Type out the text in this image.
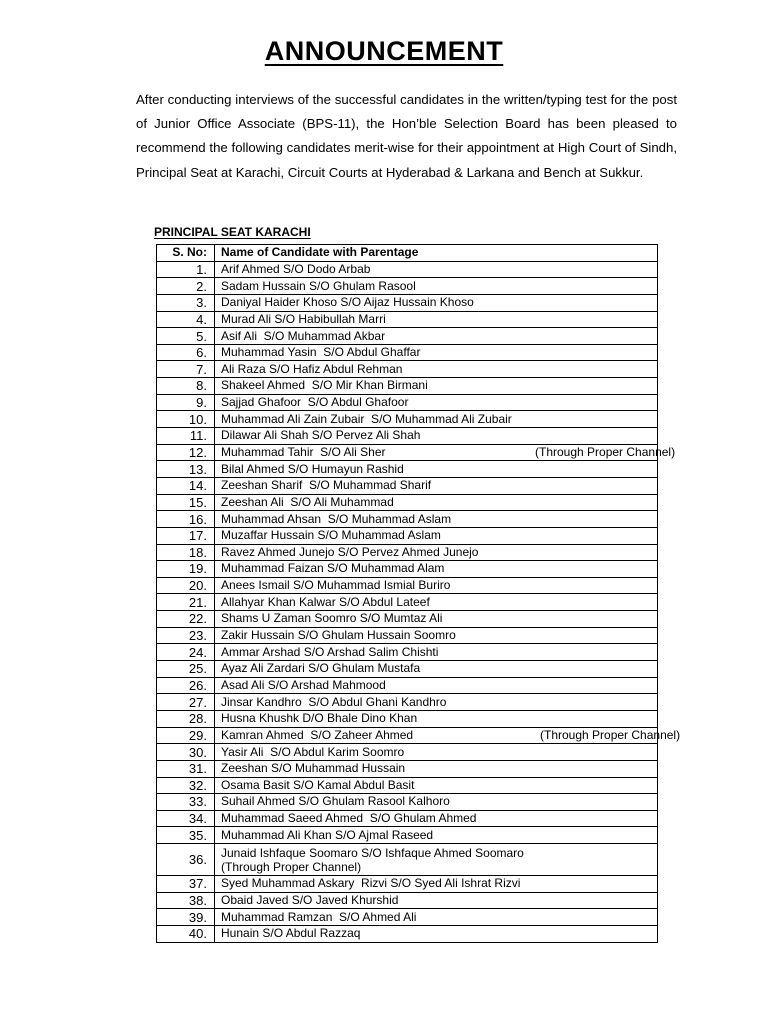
ANNOUNCEMENT
After conducting interviews of the successful candidates in the written/typing test for the post of Junior Office Associate (BPS-11), the Hon’ble Selection Board has been pleased to recommend the following candidates merit-wise for their appointment at High Court of Sindh, Principal Seat at Karachi, Circuit Courts at Hyderabad & Larkana and Bench at Sukkur.
PRINCIPAL SEAT KARACHI
S. No:	Name of Candidate with Parentage
1.	Arif Ahmed S/O Dodo Arbab
2.	Sadam Hussain S/O Ghulam Rasool
3.	Daniyal Haider Khoso S/O Aijaz Hussain Khoso
4.	Murad Ali S/O Habibullah Marri
5.	Asif Ali  S/O Muhammad Akbar
6.	Muhammad Yasin  S/O Abdul Ghaffar
7.	Ali Raza S/O Hafiz Abdul Rehman
8.	Shakeel Ahmed  S/O Mir Khan Birmani
9.	Sajjad Ghafoor  S/O Abdul Ghafoor
10.	Muhammad Ali Zain Zubair  S/O Muhammad Ali Zubair
11.	Dilawar Ali Shah S/O Pervez Ali Shah
12.	Muhammad Tahir  S/O Ali Sher (Through Proper Channel)

13.	Bilal Ahmed S/O Humayun Rashid
14.	Zeeshan Sharif  S/O Muhammad Sharif
15.	Zeeshan Ali  S/O Ali Muhammad
16.	Muhammad Ahsan  S/O Muhammad Aslam
17.	Muzaffar Hussain S/O Muhammad Aslam
18.	Ravez Ahmed Junejo S/O Pervez Ahmed Junejo
19.	Muhammad Faizan S/O Muhammad Alam
20.	Anees Ismail S/O Muhammad Ismial Buriro
21.	Allahyar Khan Kalwar S/O Abdul Lateef
22.	Shams U Zaman Soomro S/O Mumtaz Ali
23.	Zakir Hussain S/O Ghulam Hussain Soomro
24.	Ammar Arshad S/O Arshad Salim Chishti
25.	Ayaz Ali Zardari S/O Ghulam Mustafa
26.	Asad Ali S/O Arshad Mahmood
27.	Jinsar Kandhro  S/O Abdul Ghani Kandhro
28.	Husna Khushk D/O Bhale Dino Khan
29.	Kamran Ahmed  S/O Zaheer Ahmed (Through Proper Channel)

30.	Yasir Ali  S/O Abdul Karim Soomro
31.	Zeeshan S/O Muhammad Hussain
32.	Osama Basit S/O Kamal Abdul Basit
33.	Suhail Ahmed S/O Ghulam Rasool Kalhoro
34.	Muhammad Saeed Ahmed  S/O Ghulam Ahmed
35.	Muhammad Ali Khan S/O Ajmal Raseed
36.	Junaid Ishfaque Soomaro S/O Ishfaque Ahmed Soomaro
(Through Proper Channel)
37.	Syed Muhammad Askary  Rizvi S/O Syed Ali Ishrat Rizvi
38.	Obaid Javed S/O Javed Khurshid
39.	Muhammad Ramzan  S/O Ahmed Ali
40.	Hunain S/O Abdul Razzaq
